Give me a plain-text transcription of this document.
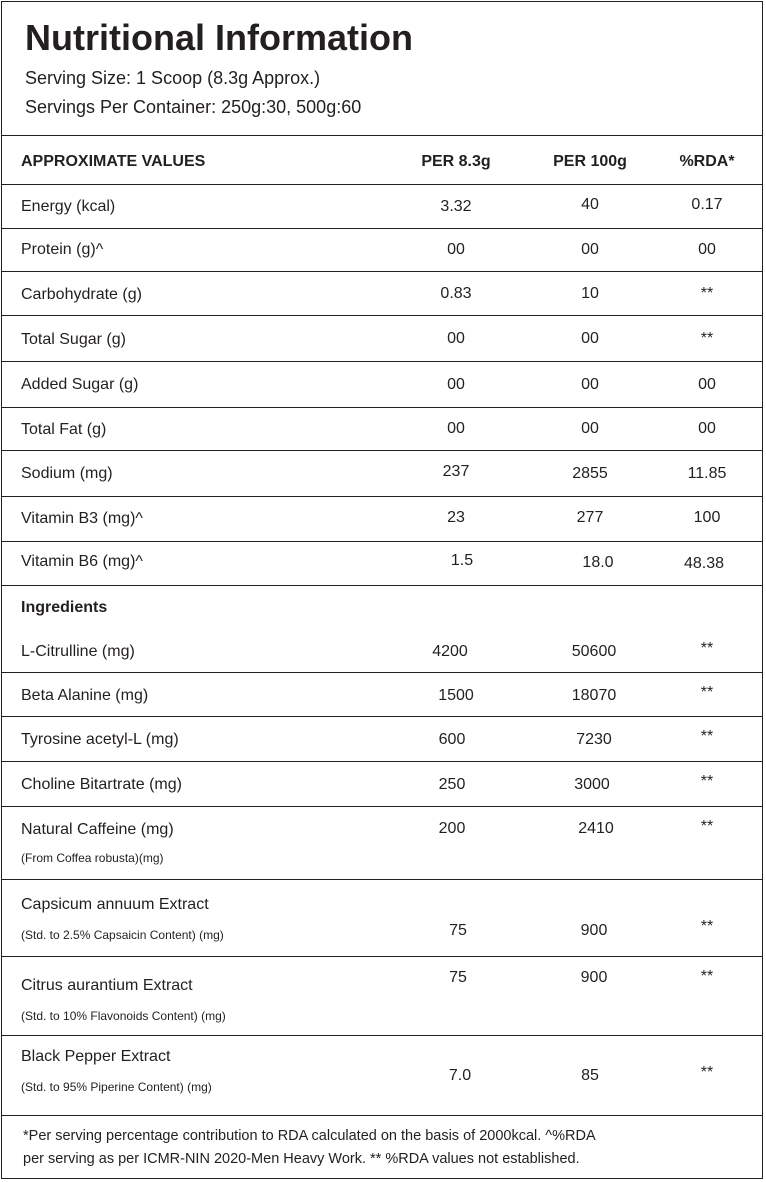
Nutritional Information
Serving Size: 1 Scoop (8.3g Approx.)
Servings Per Container: 250g:30, 500g:60
APPROXIMATE VALUES	PER 8.3g	PER 100g	%RDA*
Energy (kcal)	3.32	40	0.17
Protein (g)^	00	00	00
Carbohydrate (g)	0.83	10	**
Total Sugar (g)	00	00	**
Added Sugar (g)	00	00	00
Total Fat (g)	00	00	00
Sodium (mg)	237	2855	11.85
Vitamin B3 (mg)^	23	277	100
Vitamin B6 (mg)^	1.5	18.0	48.38
Ingredients
L-Citrulline (mg)	4200	50600	**
Beta Alanine (mg)	1500	18070	**
Tyrosine acetyl-L (mg)	600	7230	**
Choline Bitartrate (mg)	250	3000	**
Natural Caffeine (mg)
(From Coffea robusta)(mg)
200	2410	**
Capsicum annuum Extract
(Std. to 2.5% Capsaicin Content) (mg)	75	900	**
Citrus aurantium Extract
(Std. to 10% Flavonoids Content) (mg)
75	900	**
Black Pepper Extract
(Std. to 95% Piperine Content) (mg)
7.0	85	**
*Per serving percentage contribution to RDA calculated on the basis of 2000kcal. ^%RDA
per serving as per ICMR-NIN 2020-Men Heavy Work. ** %RDA values not established.
